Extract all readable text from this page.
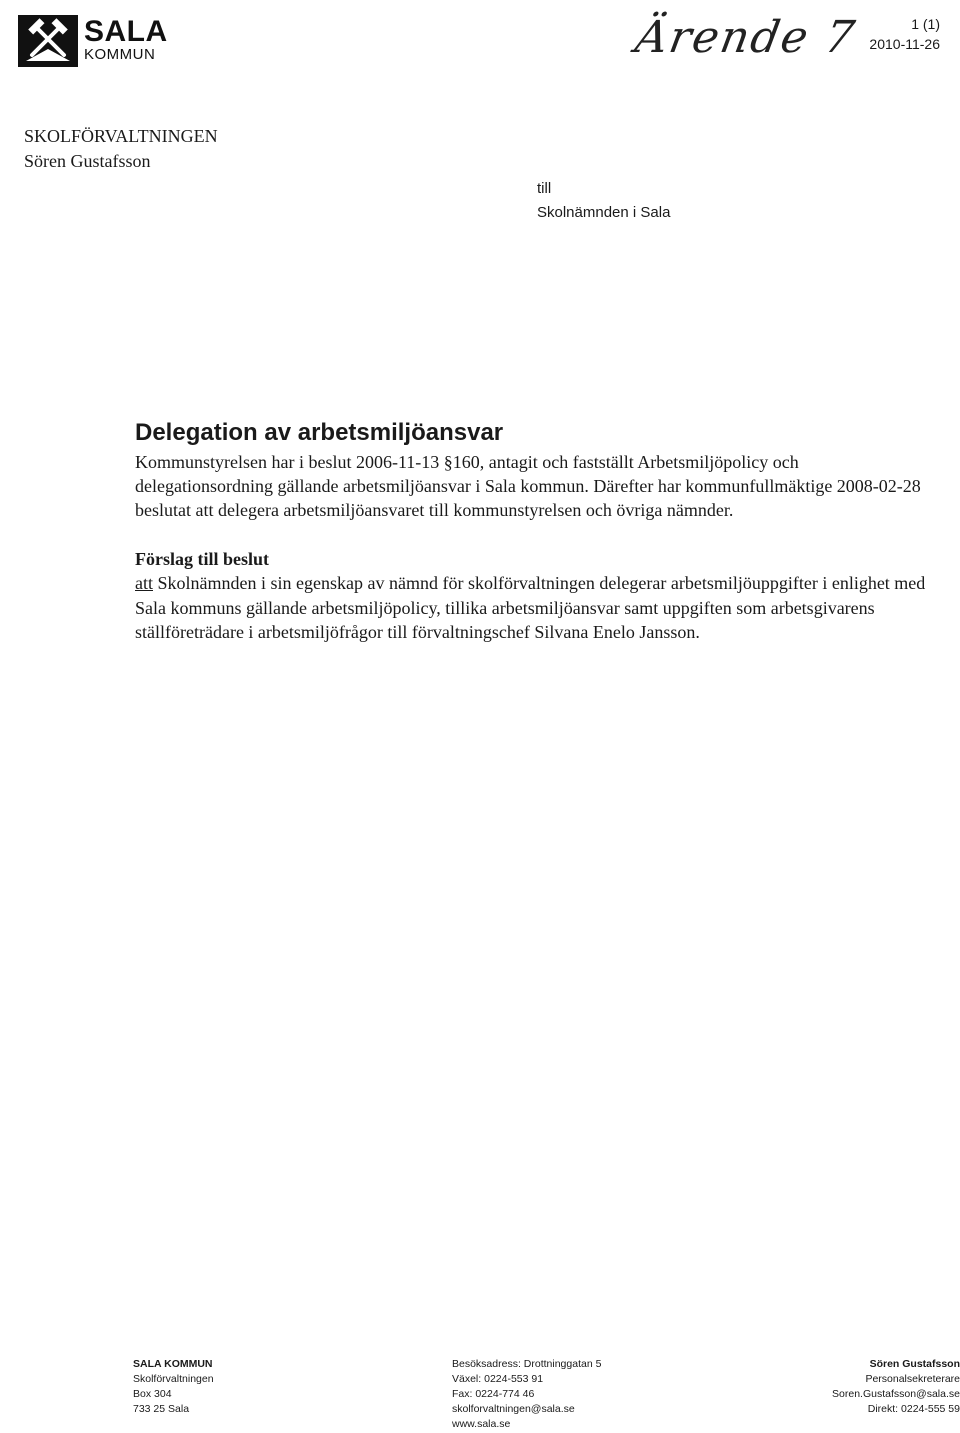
SALA
KOMMUN	Ärende 7	1 (1)
2010-11-26
SKOLFÖRVALTNINGEN
Sören Gustafsson
till
Skolnämnden i Sala
Delegation av arbetsmiljöansvar

Kommunstyrelsen har i beslut 2006-11-13 §160, antagit och fastställt Arbetsmiljöpolicy och delegationsordning gällande arbetsmiljöansvar i Sala kommun. Därefter har kommunfullmäktige 2008-02-28 beslutat att delegera arbetsmiljöansvaret till kommunstyrelsen och övriga nämnder.

Förslag till beslut

att Skolnämnden i sin egenskap av nämnd för skolförvaltningen delegerar arbetsmiljöuppgifter i enlighet med Sala kommuns gällande arbetsmiljöpolicy, tillika arbetsmiljöansvar samt uppgiften som arbetsgivarens ställföreträdare i arbetsmiljöfrågor till förvaltningschef Silvana Enelo Jansson.

SALA KOMMUN
Skolförvaltningen
Box 304
733 25 Sala
Besöksadress: Drottninggatan 5
Växel: 0224-553 91
Fax: 0224-774 46
skolforvaltningen@sala.se
www.sala.se
Sören Gustafsson
Personalsekreterare
Soren.Gustafsson@sala.se
Direkt: 0224-555 59
